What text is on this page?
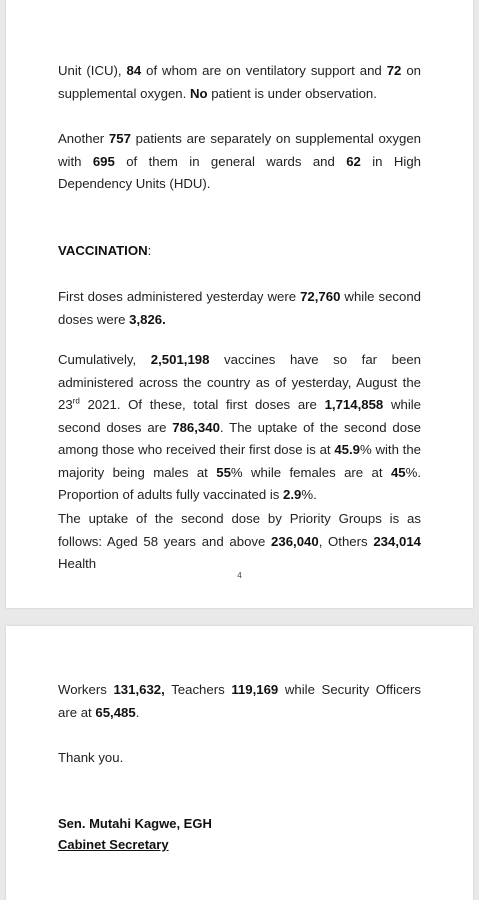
Unit (ICU), 84 of whom are on ventilatory support and 72 on supplemental oxygen. No patient is under observation.

Another 757 patients are separately on supplemental oxygen with 695 of them in general wards and 62 in High Dependency Units (HDU).

VACCINATION:

First doses administered yesterday were 72,760 while second doses were 3,826.

Cumulatively, 2,501,198 vaccines have so far been administered across the country as of yesterday, August the 23rd 2021. Of these, total first doses are 1,714,858 while second doses are 786,340. The uptake of the second dose among those who received their first dose is at 45.9% with the majority being males at 55% while females are at 45%. Proportion of adults fully vaccinated is 2.9%.

The uptake of the second dose by Priority Groups is as follows: Aged 58 years and above 236,040, Others 234,014 Health

4

Workers 131,632, Teachers 119,169 while Security Officers are at 65,485.

Thank you.

Sen. Mutahi Kagwe, EGH
Cabinet Secretary
